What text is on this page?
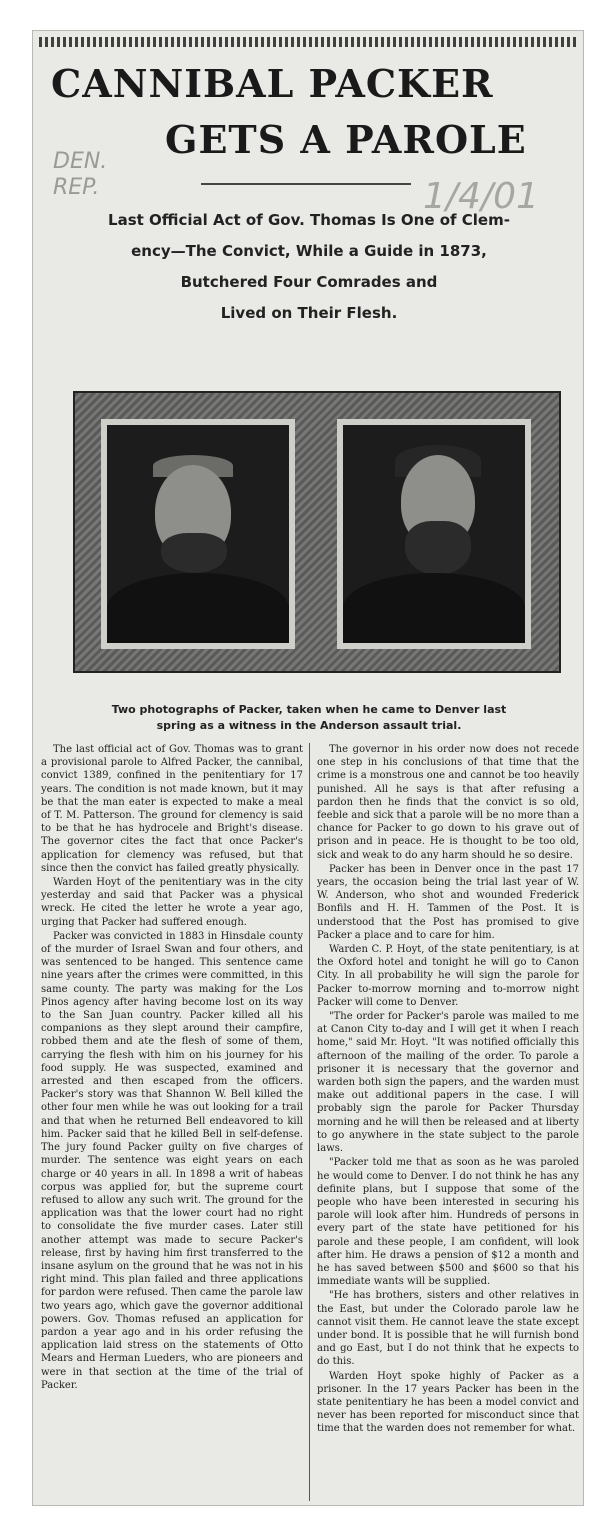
CANNIBAL PACKER
GETS A PAROLE
DEN.
REP.	1/4/01
Last Official Act of Gov. Thomas Is One of Clem-
ency—The Convict, While a Guide in 1873,
Butchered Four Comrades and
Lived on Their Flesh.
Two photographs of Packer, taken when he came to Denver last
spring as a witness in the Anderson assault trial.

The last official act of Gov. Thomas was to grant a provisional parole to Alfred Packer, the cannibal, convict 1389, confined in the penitentiary for 17 years. The condition is not made known, but it may be that the man eater is expected to make a meal of T. M. Patterson. The ground for clemency is said to be that he has hydrocele and Bright's disease. The governor cites the fact that once Packer's application for clemency was refused, but that since then the convict has failed greatly physically.

Warden Hoyt of the penitentiary was in the city yesterday and said that Packer was a physical wreck. He cited the letter he wrote a year ago, urging that Packer had suffered enough.

Packer was convicted in 1883 in Hinsdale county of the murder of Israel Swan and four others, and was sentenced to be hanged. This sentence came nine years after the crimes were committed, in this same county. The party was making for the Los Pinos agency after having become lost on its way to the San Juan country. Packer killed all his companions as they slept around their campfire, robbed them and ate the flesh of some of them, carrying the flesh with him on his journey for his food supply. He was suspected, examined and arrested and then escaped from the officers. Packer's story was that Shannon W. Bell killed the other four men while he was out looking for a trail and that when he returned Bell endeavored to kill him. Packer said that he killed Bell in self-defense. The jury found Packer guilty on five charges of murder. The sentence was eight years on each charge or 40 years in all. In 1898 a writ of habeas corpus was applied for, but the supreme court refused to allow any such writ. The ground for the application was that the lower court had no right to consolidate the five murder cases. Later still another attempt was made to secure Packer's release, first by having him first transferred to the insane asylum on the ground that he was not in his right mind. This plan failed and three applications for pardon were refused. Then came the parole law two years ago, which gave the governor additional powers. Gov. Thomas refused an application for pardon a year ago and in his order refusing the application laid stress on the statements of Otto Mears and Herman Lueders, who are pioneers and were in that section at the time of the trial of Packer.

The governor in his order now does not recede one step in his conclusions of that time that the crime is a monstrous one and cannot be too heavily punished. All he says is that after refusing a pardon then he finds that the convict is so old, feeble and sick that a parole will be no more than a chance for Packer to go down to his grave out of prison and in peace. He is thought to be too old, sick and weak to do any harm should he so desire.

Packer has been in Denver once in the past 17 years, the occasion being the trial last year of W. W. Anderson, who shot and wounded Frederick Bonfils and H. H. Tammen of the Post. It is understood that the Post has promised to give Packer a place and to care for him.

Warden C. P. Hoyt, of the state penitentiary, is at the Oxford hotel and tonight he will go to Canon City. In all probability he will sign the parole for Packer to-morrow morning and to-morrow night Packer will come to Denver.

"The order for Packer's parole was mailed to me at Canon City to-day and I will get it when I reach home," said Mr. Hoyt. "It was notified officially this afternoon of the mailing of the order. To parole a prisoner it is necessary that the governor and warden both sign the papers, and the warden must make out additional papers in the case. I will probably sign the parole for Packer Thursday morning and he will then be released and at liberty to go anywhere in the state subject to the parole laws.

"Packer told me that as soon as he was paroled he would come to Denver. I do not think he has any definite plans, but I suppose that some of the people who have been interested in securing his parole will look after him. Hundreds of persons in every part of the state have petitioned for his parole and these people, I am confident, will look after him. He draws a pension of $12 a month and he has saved between $500 and $600 so that his immediate wants will be supplied.

"He has brothers, sisters and other relatives in the East, but under the Colorado parole law he cannot visit them. He cannot leave the state except under bond. It is possible that he will furnish bond and go East, but I do not think that he expects to do this.

Warden Hoyt spoke highly of Packer as a prisoner. In the 17 years Packer has been in the state penitentiary he has been a model convict and never has been reported for misconduct since that time that the warden does not remember for what.
